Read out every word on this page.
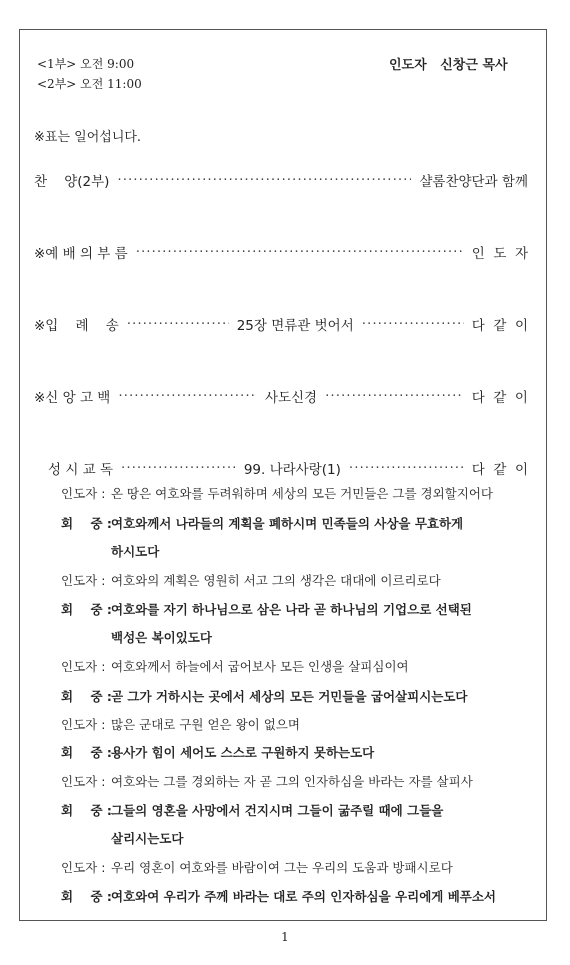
<1부> 오전 9:00
<2부> 오전 11:00
인도자   신창근 목사
※표는 일어섭니다.
찬    양(2부) ·····	샬롬찬양단과 함께
※예 배 의 부 름 ·····	인  도  자
※입    례    송 ·····	25장 면류관 벗어서 ·····	다  같  이
※신 앙 고 백 ·····	사도신경 ·····	다  같  이
성 시 교 독 ·····	99. 나라사랑(1) ·····	다  같  이
인도자 : 온 땅은 여호와를 두려워하며 세상의 모든 거민들은 그를 경외할지어다
회    중 :여호와께서 나라들의 계획을 폐하시며 민족들의 사상을 무효하게
하시도다
인도자 : 여호와의 계획은 영원히 서고 그의 생각은 대대에 이르리로다
회    중 :여호와를 자기 하나님으로 삼은 나라 곧 하나님의 기업으로 선택된
백성은 복이있도다
인도자 : 여호와께서 하늘에서 굽어보사 모든 인생을 살피심이여
회    중 :곧 그가 거하시는 곳에서 세상의 모든 거민들을 굽어살피시는도다
인도자 : 많은 군대로 구원 얻은 왕이 없으며
회    중 :용사가 힘이 세어도 스스로 구원하지 못하는도다
인도자 : 여호와는 그를 경외하는 자 곧 그의 인자하심을 바라는 자를 살피사
회    중 :그들의 영혼을 사망에서 건지시며 그들이 굶주릴 때에 그들을
살리시는도다
인도자 : 우리 영혼이 여호와를 바람이여 그는 우리의 도움과 방패시로다
회    중 :여호와여 우리가 주께 바라는 대로 주의 인자하심을 우리에게 베푸소서
1
